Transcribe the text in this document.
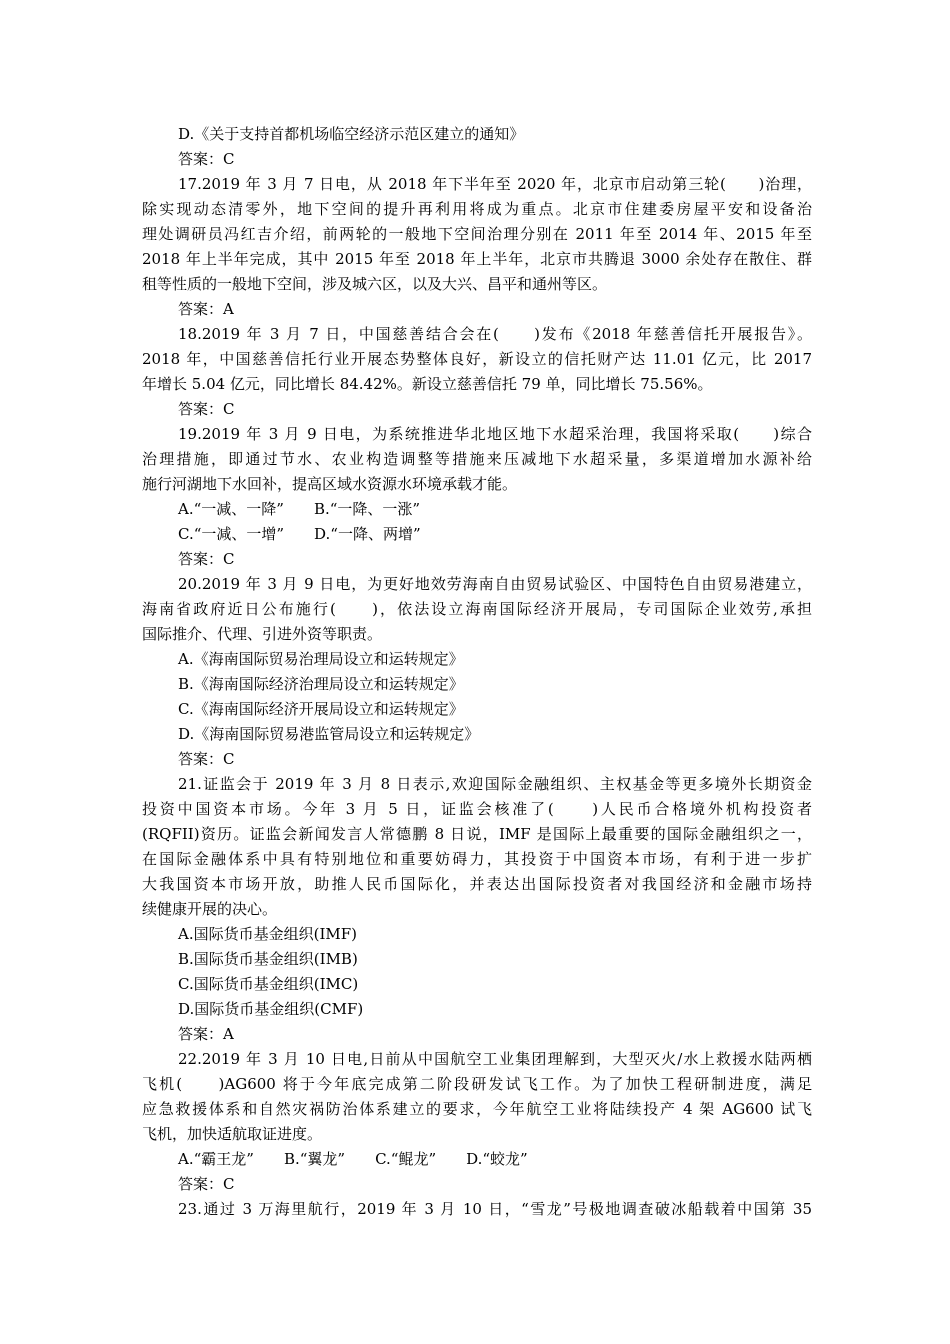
D.《关于支持首都机场临空经济示范区建立的通知》
答案：C
17.2019 年 3 月 7 日电，从 2018 年下半年至 2020 年，北京市启动第三轮(　　)治理，
除实现动态清零外，地下空间的提升再利用将成为重点。北京市住建委房屋平安和设备治
理处调研员冯红吉介绍，前两轮的一般地下空间治理分别在 2011 年至 2014 年、2015 年至
2018 年上半年完成，其中 2015 年至 2018 年上半年，北京市共腾退 3000 余处存在散住、群
租等性质的一般地下空间，涉及城六区，以及大兴、昌平和通州等区。
答案：A
18.2019 年 3 月 7 日，中国慈善结合会在(　　)发布《2018 年慈善信托开展报告》。
2018 年，中国慈善信托行业开展态势整体良好，新设立的信托财产达 11.01 亿元，比 2017
年增长 5.04 亿元，同比增长 84.42%。新设立慈善信托 79 单，同比增长 75.56%。
答案：C
19.2019 年 3 月 9 日电，为系统推进华北地区地下水超采治理，我国将采取(　　)综合
治理措施，即通过节水、农业构造调整等措施来压减地下水超采量，多渠道增加水源补给
施行河湖地下水回补，提高区域水资源水环境承载才能。
A.“一减、一降”　　B.“一降、一涨”
C.“一减、一增”　　D.“一降、两增”
答案：C
20.2019 年 3 月 9 日电，为更好地效劳海南自由贸易试验区、中国特色自由贸易港建立，
海南省政府近日公布施行(　　)，依法设立海南国际经济开展局，专司国际企业效劳,承担
国际推介、代理、引进外资等职责。
A.《海南国际贸易治理局设立和运转规定》
B.《海南国际经济治理局设立和运转规定》
C.《海南国际经济开展局设立和运转规定》
D.《海南国际贸易港监管局设立和运转规定》
答案：C
21.证监会于 2019 年 3 月 8 日表示,欢迎国际金融组织、主权基金等更多境外长期资金
投资中国资本市场。今年 3 月 5 日，证监会核准了(　　)人民币合格境外机构投资者
(RQFII)资历。证监会新闻发言人常德鹏 8 日说，IMF 是国际上最重要的国际金融组织之一，
在国际金融体系中具有特别地位和重要妨碍力，其投资于中国资本市场，有利于进一步扩
大我国资本市场开放，助推人民币国际化，并表达出国际投资者对我国经济和金融市场持
续健康开展的决心。
A.国际货币基金组织(IMF)
B.国际货币基金组织(IMB)
C.国际货币基金组织(IMC)
D.国际货币基金组织(CMF)
答案：A
22.2019 年 3 月 10 日电,日前从中国航空工业集团理解到，大型灭火/水上救援水陆两栖
飞机(　　)AG600 将于今年底完成第二阶段研发试飞工作。为了加快工程研制进度，满足
应急救援体系和自然灾祸防治体系建立的要求，今年航空工业将陆续投产 4 架 AG600 试飞
飞机，加快适航取证进度。
A.“霸王龙”　　B.“翼龙”　　C.“鲲龙”　　D.“蛟龙”
答案：C
23.通过 3 万海里航行，2019 年 3 月 10 日，“雪龙”号极地调查破冰船载着中国第 35
